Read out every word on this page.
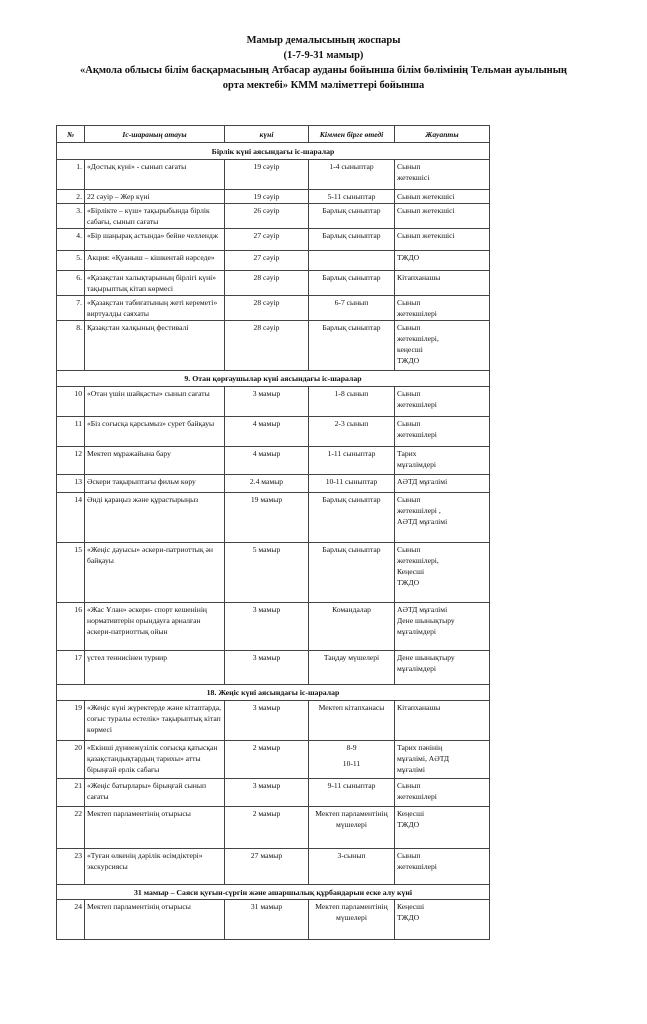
Мамыр демалысының жоспары
(1-7-9-31 мамыр)
«Ақмола облысы білім басқармасының Атбасар ауданы бойынша білім бөлімінің Тельман ауылының
орта мектебі» КММ мәліметтері бойынша
№	Іс-шараның атауы	күні	Кіммен бірге өтеді	Жауапты
Бірлік күні аясындағы іс-шаралар				
1.	«Достық күні» - сынып сағаты	19 сәуір	1-4 сыныптар	Сынып
жетекшісі

2.	22 сәуір – Жер күні	19 сәуір	5-11 сыныптар	Сынып жетекшісі

3.	«Бірлікте – күш» тақырыбында бірлік сабағы, сынып сағаты	26 сәуір	Барлық сыныптар	Сынып жетекшісі

4.	«Бір шаңырақ астында» бейне челлендж	27 сәуір	Барлық сыныптар	Сынып жетекшісі

5.	Акция: «Қуаныш – кішкентай нәрседе»	27 сәуір		ТЖДО

6.	«Қазақстан халықтарының бірлігі күні» тақырыптық кітап көрмесі	28 сәуір	Барлық сыныптар	Кітапханашы

7.	«Қазақстан табиғатының жеті кереметі» виртуалды саяхаты	28 сәуір	6-7 сынып	Сынып
жетекшілері

8.	Қазақстан халқының фестивалі	28 сәуір	Барлық сыныптар	Сынып
жетекшілері,
кеңесші
ТЖДО

9. Отан қорғаушылар күні аясындағы іс-шаралар				
10	«Отан үшін шайқасты» сынып сағаты	3 мамыр	1-8 сынып	Сынып
жетекшілері

11	«Біз соғысқа қарсымыз» сурет байқауы	4 мамыр	2-3 сынып	Сынып
жетекшілері

12	Мектеп мұражайына бару	4 мамыр	1-11 сыныптар	Тарих
мұғалімдері

13	Әскери тақырыптағы фильм көру	2.4 мамыр	10-11 сыныптар	АӘТД мұғалімі

14	Әнді қараңыз және құрастырыңыз	19 мамыр	Барлық сыныптар	Сынып
жетекшілері ,
АӘТД мұғалімі

15	«Жеңіс дауысы» әскери-патриоттық ән байқауы	5 мамыр	Барлық сыныптар	Сынып
жетекшілері,
Кеңесші
ТЖДО

16	«Жас Ұлан» әскери- спорт кешенінің нормативтерін орындауға арналған әскери-патриоттық ойын	3 мамыр	Командалар	АӘТД мұғалімі
Дене шынықтыру
мұғалімдері

17	үстел теннисінен турнир	3 мамыр	Таңдау мүшелері	Дене шынықтыру
мұғалімдері

18. Жеңіс күні аясындағы іс-шаралар				
19	«Жеңіс күні жүректерде және кітаптарда, соғыс туралы естелік» тақырыптық кітап көрмесі	3 мамыр	Мектеп кітапханасы	Кітапханашы

20	«Екінші дүниежүзілік соғысқа қатысқан қазақстандықтардың тарихы» атты бірыңғай ерлік сабағы	2 мамыр	8-9
10-11	Тарих пәнінің
мұғалімі, АӘТД
мұғалімі

21	«Жеңіс батырлары» бірыңғай сынып сағаты	3 мамыр	9-11 сыныптар	Сынып
жетекшілері

22	Мектеп парламентінің отырысы	2 мамыр	Мектеп парламентінің мүшелері	Кеңесші
ТЖДО

23	«Туған өлкенің дәрілік өсімдіктері» экскурсиясы	27 мамыр	3-сынып	Сынып
жетекшілері

31 мамыр – Саяси қуғын-сүргін және ашаршылық құрбандарын еске алу күні				
24	Мектеп парламентінің отырысы	31 мамыр	Мектеп парламентінің мүшелері	Кеңесші
ТЖДО
